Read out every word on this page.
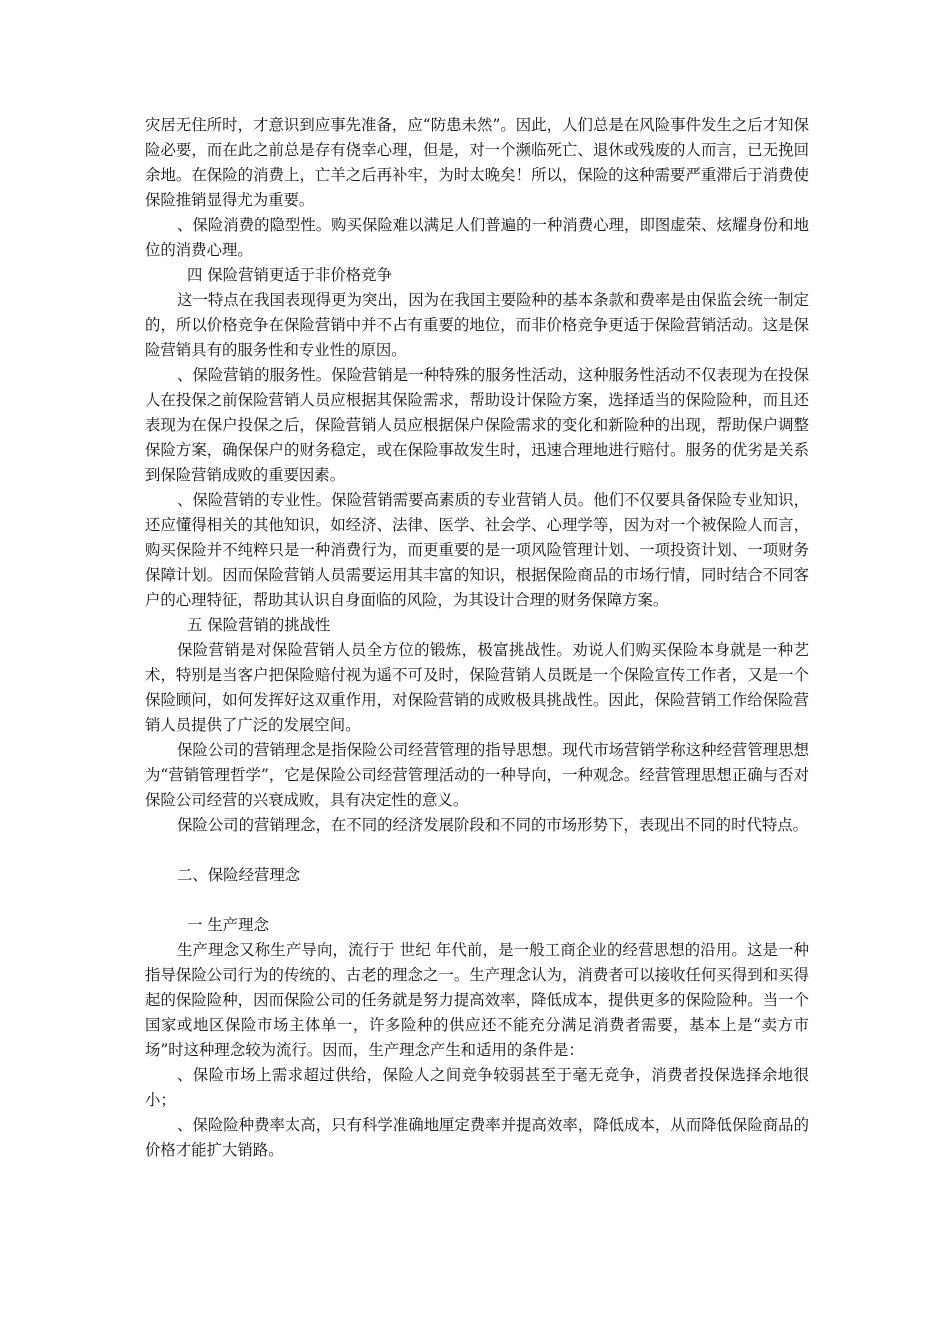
灾居无住所时，才意识到应事先准备，应“防患未然”。因此，人们总是在风险事件发生之后才知保险必要，而在此之前总是存有侥幸心理，但是，对一个濒临死亡、退休或残废的人而言，已无挽回余地。在保险的消费上，亡羊之后再补牢，为时太晚矣！所以，保险的这种需要严重滞后于消费使保险推销显得尤为重要。

、保险消费的隐型性。购买保险难以满足人们普遍的一种消费心理，即图虚荣、炫耀身份和地位的消费心理。

四 保险营销更适于非价格竞争

这一特点在我国表现得更为突出，因为在我国主要险种的基本条款和费率是由保监会统一制定的，所以价格竞争在保险营销中并不占有重要的地位，而非价格竞争更适于保险营销活动。这是保险营销具有的服务性和专业性的原因。

、保险营销的服务性。保险营销是一种特殊的服务性活动，这种服务性活动不仅表现为在投保人在投保之前保险营销人员应根据其保险需求，帮助设计保险方案，选择适当的保险险种，而且还表现为在保户投保之后，保险营销人员应根据保户保险需求的变化和新险种的出现，帮助保户调整保险方案，确保保户的财务稳定，或在保险事故发生时，迅速合理地进行赔付。服务的优劣是关系到保险营销成败的重要因素。

、保险营销的专业性。保险营销需要高素质的专业营销人员。他们不仅要具备保险专业知识，还应懂得相关的其他知识，如经济、法律、医学、社会学、心理学等，因为对一个被保险人而言，购买保险并不纯粹只是一种消费行为，而更重要的是一项风险管理计划、一项投资计划、一项财务保障计划。因而保险营销人员需要运用其丰富的知识，根据保险商品的市场行情，同时结合不同客户的心理特征，帮助其认识自身面临的风险，为其设计合理的财务保障方案。

五 保险营销的挑战性

保险营销是对保险营销人员全方位的锻炼，极富挑战性。劝说人们购买保险本身就是一种艺术，特别是当客户把保险赔付视为遥不可及时，保险营销人员既是一个保险宣传工作者，又是一个保险顾问，如何发挥好这双重作用，对保险营销的成败极具挑战性。因此，保险营销工作给保险营销人员提供了广泛的发展空间。

保险公司的营销理念是指保险公司经营管理的指导思想。现代市场营销学称这种经营管理思想为“营销管理哲学”，它是保险公司经营管理活动的一种导向，一种观念。经营管理思想正确与否对保险公司经营的兴衰成败，具有决定性的意义。

保险公司的营销理念，在不同的经济发展阶段和不同的市场形势下，表现出不同的时代特点。

二、保险经营理念

一 生产理念

生产理念又称生产导向，流行于 世纪 年代前，是一般工商企业的经营思想的沿用。这是一种指导保险公司行为的传统的、古老的理念之一。生产理念认为，消费者可以接收任何买得到和买得起的保险险种，因而保险公司的任务就是努力提高效率，降低成本，提供更多的保险险种。当一个国家或地区保险市场主体单一，许多险种的供应还不能充分满足消费者需要，基本上是“卖方市场”时这种理念较为流行。因而，生产理念产生和适用的条件是：

、保险市场上需求超过供给，保险人之间竞争较弱甚至于毫无竞争，消费者投保选择余地很小；

、保险险种费率太高，只有科学准确地厘定费率并提高效率，降低成本，从而降低保险商品的价格才能扩大销路。
